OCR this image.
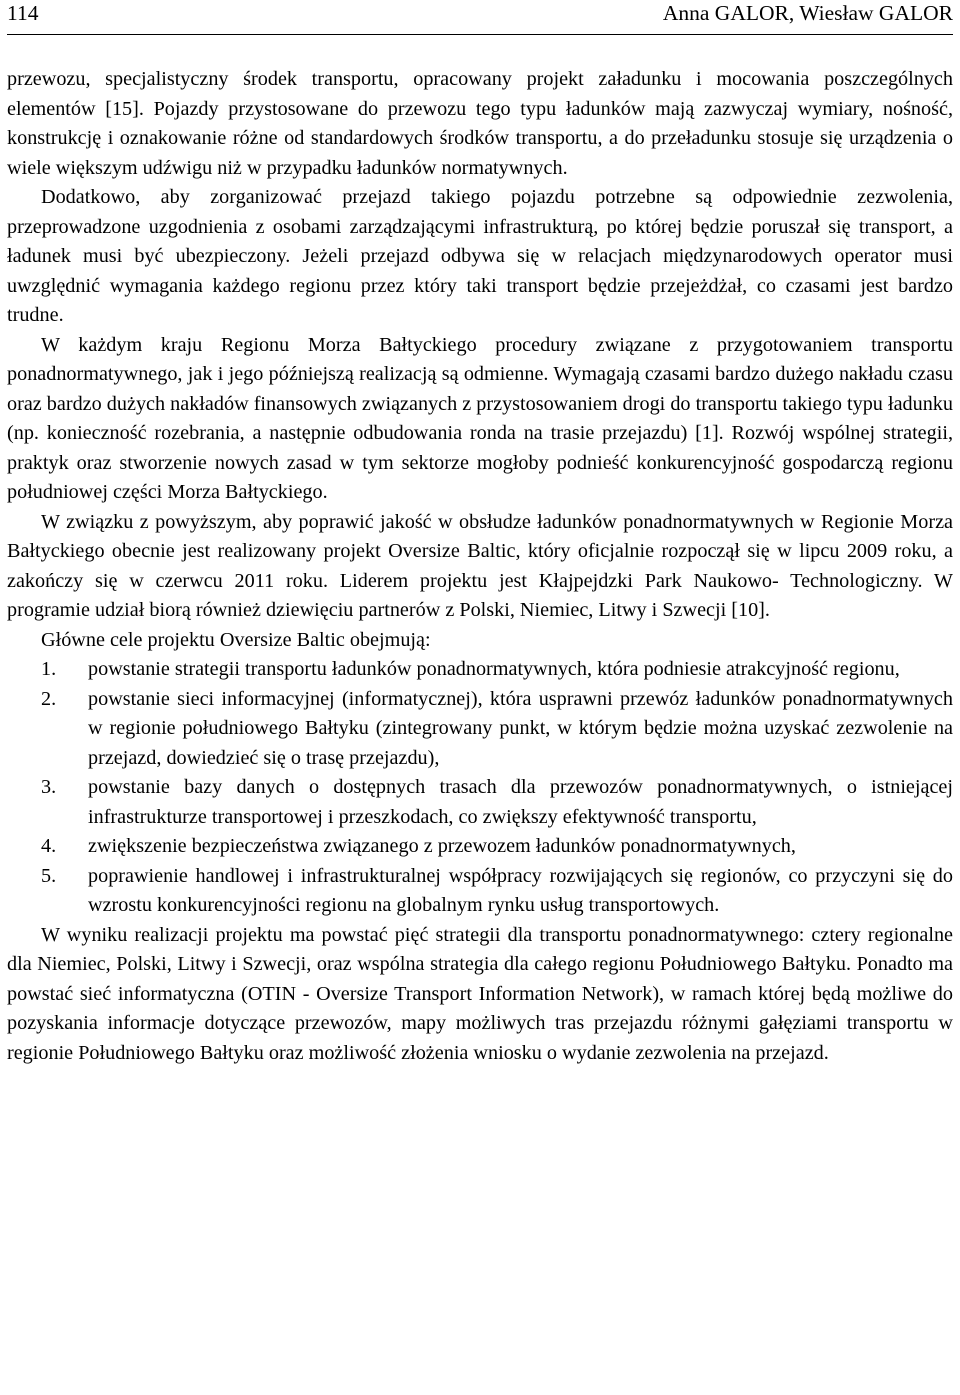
114	Anna GALOR, Wiesław GALOR

przewozu, specjalistyczny środek transportu, opracowany projekt załadunku i mocowania poszczególnych elementów [15]. Pojazdy przystosowane do przewozu tego typu ładunków mają zazwyczaj wymiary, nośność, konstrukcję i oznakowanie różne od standardowych środków transportu, a do przeładunku stosuje się urządzenia o wiele większym udźwigu niż w przypadku ładunków normatywnych.

Dodatkowo, aby zorganizować przejazd takiego pojazdu potrzebne są odpowiednie zezwolenia, przeprowadzone uzgodnienia z osobami zarządzającymi infrastrukturą, po której będzie poruszał się transport, a ładunek musi być ubezpieczony. Jeżeli przejazd odbywa się w relacjach międzynarodowych operator musi uwzględnić wymagania każdego regionu przez który taki transport będzie przejeżdżał, co czasami jest bardzo trudne.

W każdym kraju Regionu Morza Bałtyckiego procedury związane z przygotowaniem transportu ponadnormatywnego, jak i jego późniejszą realizacją są odmienne. Wymagają czasami bardzo dużego nakładu czasu oraz bardzo dużych nakładów finansowych związanych z przystosowaniem drogi do transportu takiego typu ładunku (np. konieczność rozebrania, a następnie odbudowania ronda na trasie przejazdu) [1]. Rozwój wspólnej strategii, praktyk oraz stworzenie nowych zasad w tym sektorze mogłoby podnieść konkurencyjność gospodarczą regionu południowej części Morza Bałtyckiego.

W związku z powyższym, aby poprawić jakość w obsłudze ładunków ponadnormatywnych w Regionie Morza Bałtyckiego obecnie jest realizowany projekt Oversize Baltic, który oficjalnie rozpoczął się w lipcu 2009 roku, a zakończy się w czerwcu 2011 roku. Liderem projektu jest Kłajpejdzki Park Naukowo- Technologiczny. W programie udział biorą również dziewięciu partnerów z Polski, Niemiec, Litwy i Szwecji [10].

Główne cele projektu Oversize Baltic obejmują:

1.	powstanie strategii transportu ładunków ponadnormatywnych, która podniesie atrakcyjność regionu,
2.	powstanie sieci informacyjnej (informatycznej), która usprawni przewóz ładunków ponadnormatywnych w regionie południowego Bałtyku (zintegrowany punkt, w którym będzie można uzyskać zezwolenie na przejazd, dowiedzieć się o trasę przejazdu),
3.	powstanie bazy danych o dostępnych trasach dla przewozów ponadnormatywnych, o istniejącej infrastrukturze transportowej i przeszkodach, co zwiększy efektywność transportu,
4.	zwiększenie bezpieczeństwa związanego z przewozem ładunków ponadnormatywnych,
5.	poprawienie handlowej i infrastrukturalnej współpracy rozwijających się regionów, co przyczyni się do wzrostu konkurencyjności regionu na globalnym rynku usług transportowych.

W wyniku realizacji projektu ma powstać pięć strategii dla transportu ponadnormatywnego: cztery regionalne dla Niemiec, Polski, Litwy i Szwecji, oraz wspólna strategia dla całego regionu Południowego Bałtyku. Ponadto ma powstać sieć informatyczna (OTIN - Oversize Transport Information Network), w ramach której będą możliwe do pozyskania informacje dotyczące przewozów, mapy możliwych tras przejazdu różnymi gałęziami transportu w regionie Południowego Bałtyku oraz możliwość złożenia wniosku o wydanie zezwolenia na przejazd.
